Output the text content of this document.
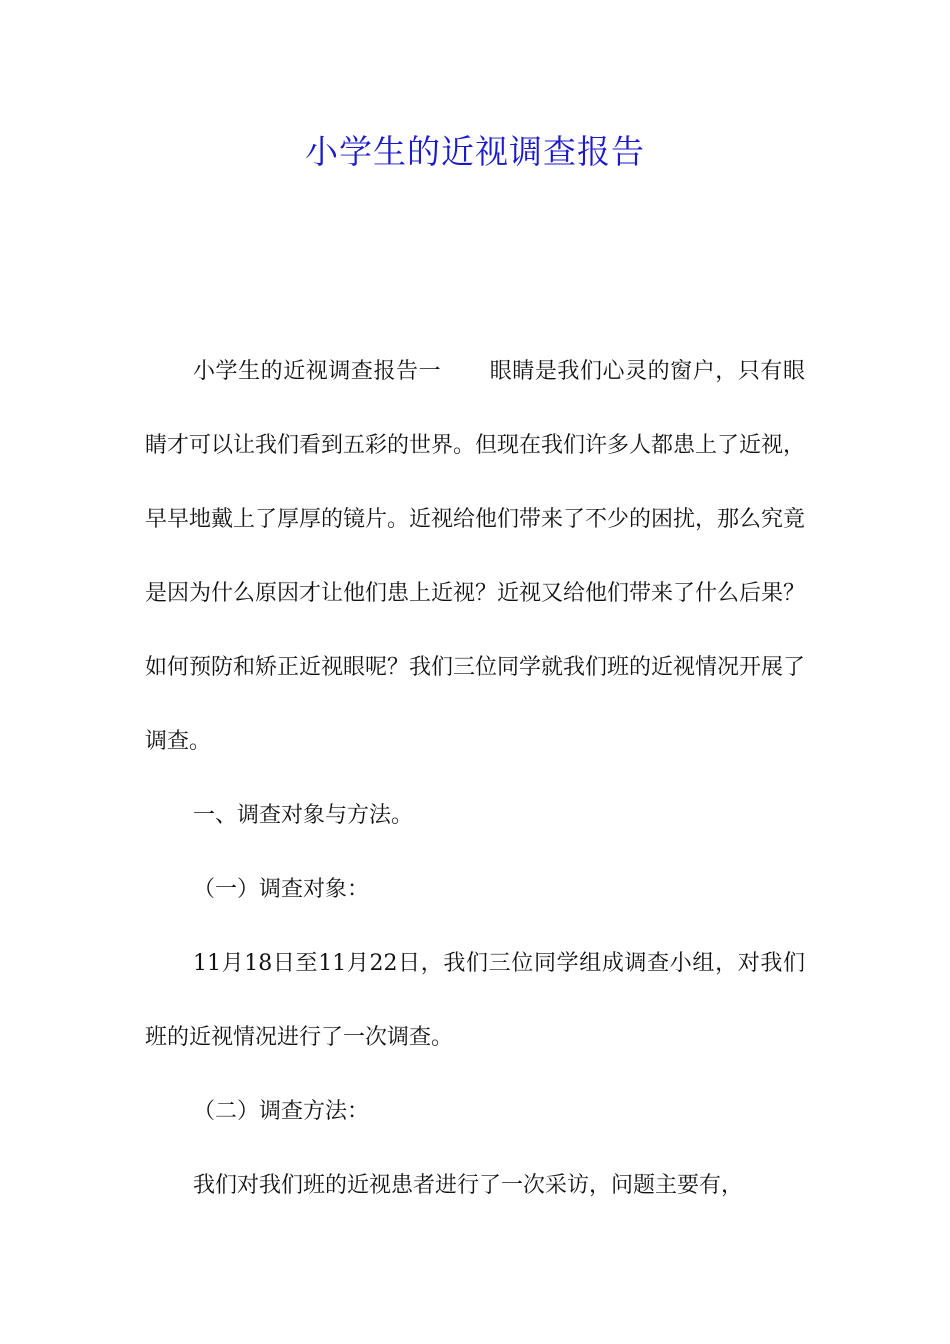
小学生的近视调查报告

小学生的近视调查报告一 眼睛是我们心灵的窗户，只有眼睛才可以让我们看到五彩的世界。但现在我们许多人都患上了近视，早早地戴上了厚厚的镜片。近视给他们带来了不少的困扰，那么究竟是因为什么原因才让他们患上近视？近视又给他们带来了什么后果？如何预防和矫正近视眼呢？我们三位同学就我们班的近视情况开展了调查。

一、调查对象与方法。

（一）调查对象：

11月18日至11月22日，我们三位同学组成调查小组，对我们班的近视情况进行了一次调查。

（二）调查方法：

我们对我们班的近视患者进行了一次采访，问题主要有，
